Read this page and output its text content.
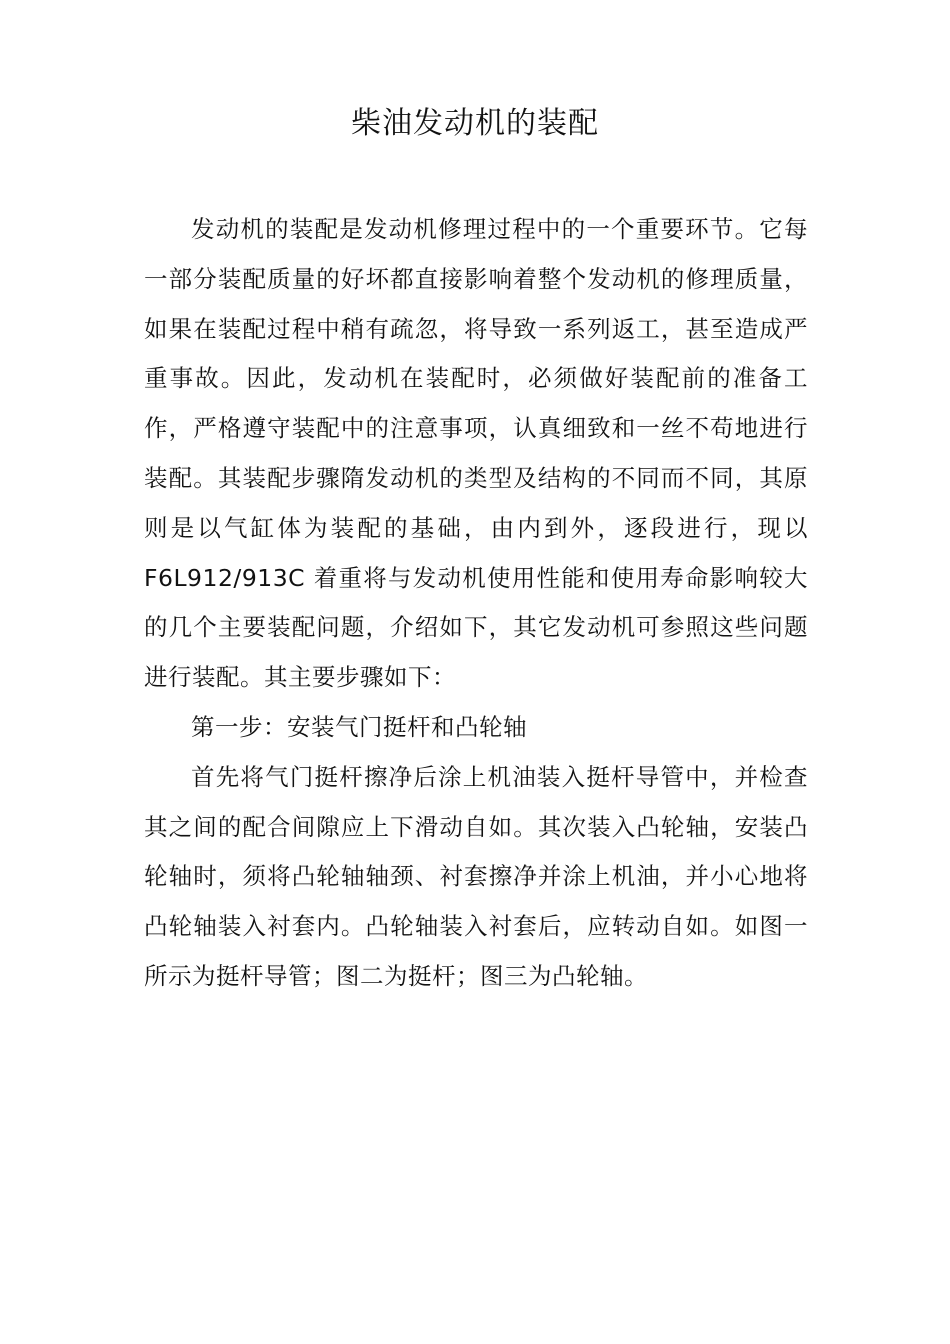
柴油发动机的装配

发动机的装配是发动机修理过程中的一个重要环节。它每一部分装配质量的好坏都直接影响着整个发动机的修理质量，如果在装配过程中稍有疏忽，将导致一系列返工，甚至造成严重事故。因此，发动机在装配时，必须做好装配前的准备工作，严格遵守装配中的注意事项，认真细致和一丝不苟地进行装配。其装配步骤隋发动机的类型及结构的不同而不同，其原则是以气缸体为装配的基础，由内到外，逐段进行，现以 F6L912/913C 着重将与发动机使用性能和使用寿命影响较大的几个主要装配问题，介绍如下，其它发动机可参照这些问题进行装配。其主要步骤如下：

第一步：安装气门挺杆和凸轮轴

首先将气门挺杆擦净后涂上机油装入挺杆导管中，并检查其之间的配合间隙应上下滑动自如。其次装入凸轮轴，安装凸轮轴时，须将凸轮轴轴颈、衬套擦净并涂上机油，并小心地将凸轮轴装入衬套内。凸轮轴装入衬套后，应转动自如。如图一所示为挺杆导管；图二为挺杆；图三为凸轮轴。
